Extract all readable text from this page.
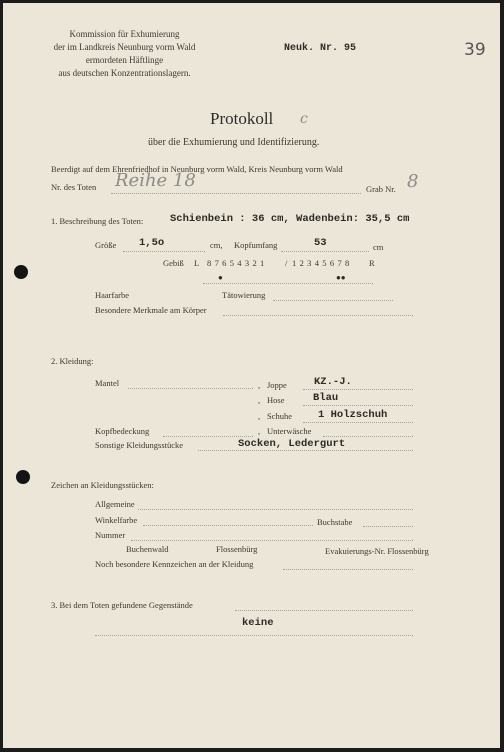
Kommission für Exhumierung
der im Landkreis Neunburg vorm Wald
ermordeten Häftlinge
aus deutschen Konzentrationslagern.
Neuk. Nr. 95	39
Protokoll c
über die Exhumierung und Identifizierung.
Beerdigt auf dem Ehrenfriedhof in Neunburg vorm Wald, Kreis Neunburg vorm Wald
Nr. des Toten Reihe 18	Grab Nr. 8
1. Beschreibung des Toten:	Schienbein : 36 cm, Wadenbein: 35,5 cm
Größe 1,5o	cm, Kopfumfang	53	cm
Gebiß L 8 7 6 5 4 3 2 1 / 1 2 3 4 5 6 7 8 R
●	●●
Haarfarbe	Tätowierung
Besondere Merkmale am Körper
2. Kleidung:
Mantel	, Joppe	KZ.-J.
, Hose	Blau
, Schuhe 1 Holzschuh
Kopfbedeckung	, Unterwäsche
Sonstige Kleidungsstücke	Socken, Ledergurt
Zeichen an Kleidungsstücken:
Allgemeine
Winkelfarbe	Buchstabe
Nummer
Buchenwald	Flossenbürg	Evakuierungs-Nr. Flossenbürg
Noch besondere Kennzeichen an der Kleidung
3. Bei dem Toten gefundene Gegenstände
keine
